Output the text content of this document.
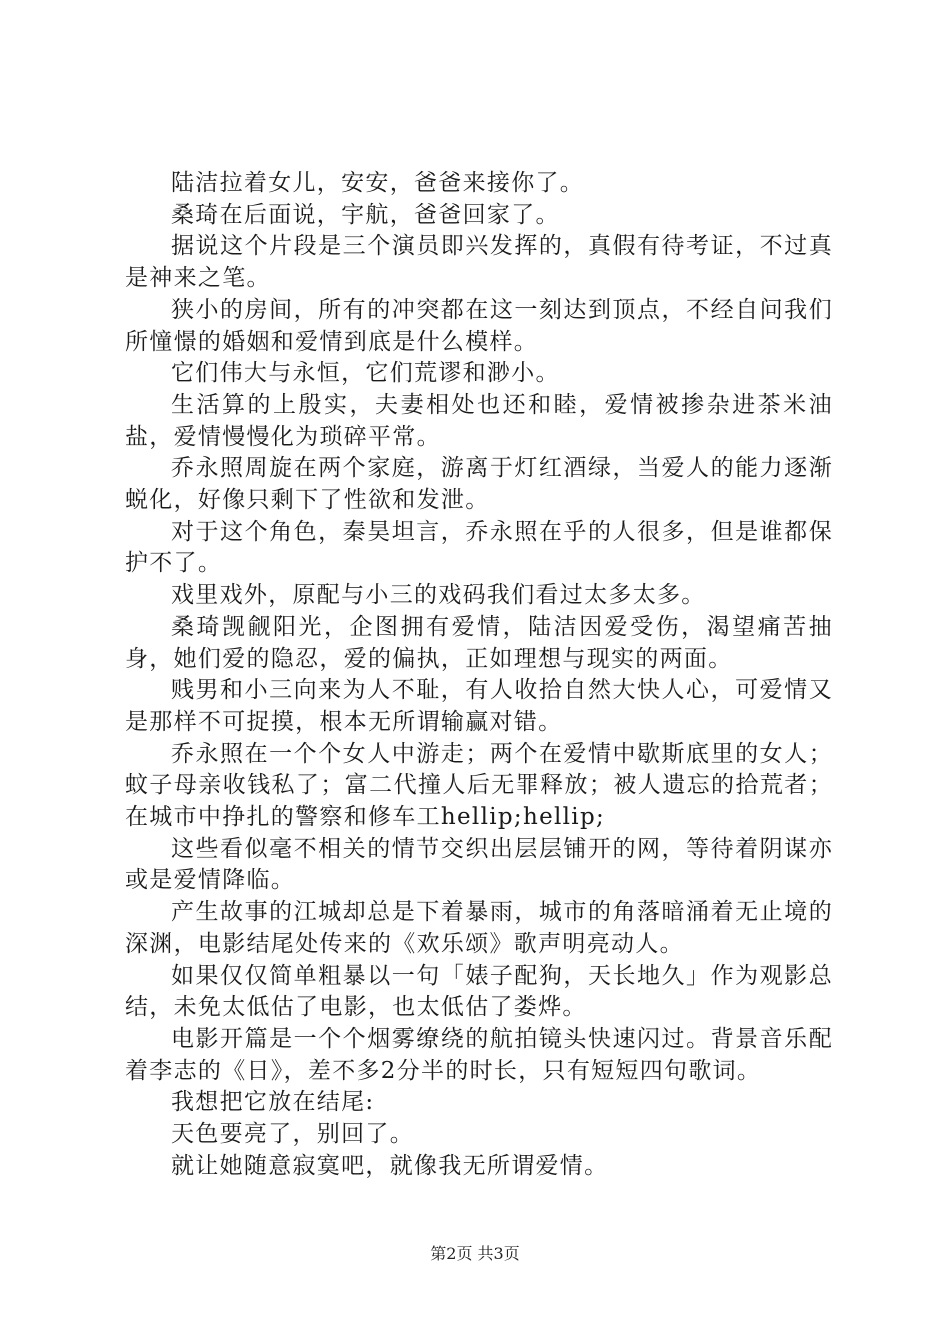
陆洁拉着女儿，安安，爸爸来接你了。

桑琦在后面说，宇航，爸爸回家了。

据说这个片段是三个演员即兴发挥的，真假有待考证，不过真是神来之笔。

狭小的房间，所有的冲突都在这一刻达到顶点，不经自问我们所憧憬的婚姻和爱情到底是什么模样。

它们伟大与永恒，它们荒谬和渺小。

生活算的上殷实，夫妻相处也还和睦，爱情被掺杂进茶米油盐，爱情慢慢化为琐碎平常。

乔永照周旋在两个家庭，游离于灯红酒绿，当爱人的能力逐渐蜕化，好像只剩下了性欲和发泄。

对于这个角色，秦昊坦言，乔永照在乎的人很多，但是谁都保护不了。

戏里戏外，原配与小三的戏码我们看过太多太多。

桑琦觊觎阳光，企图拥有爱情，陆洁因爱受伤，渴望痛苦抽身，她们爱的隐忍，爱的偏执，正如理想与现实的两面。

贱男和小三向来为人不耻，有人收拾自然大快人心，可爱情又是那样不可捉摸，根本无所谓输赢对错。

乔永照在一个个女人中游走；两个在爱情中歇斯底里的女人；蚊子母亲收钱私了；富二代撞人后无罪释放；被人遗忘的拾荒者；在城市中挣扎的警察和修车工hellip;hellip;

这些看似毫不相关的情节交织出层层铺开的网，等待着阴谋亦或是爱情降临。

产生故事的江城却总是下着暴雨，城市的角落暗涌着无止境的深渊，电影结尾处传来的《欢乐颂》歌声明亮动人。

如果仅仅简单粗暴以一句「婊子配狗，天长地久」作为观影总结，未免太低估了电影，也太低估了娄烨。

电影开篇是一个个烟雾缭绕的航拍镜头快速闪过。背景音乐配着李志的《日》，差不多2分半的时长，只有短短四句歌词。

我想把它放在结尾:

天色要亮了，别回了。

就让她随意寂寞吧，就像我无所谓爱情。

第2页 共3页
